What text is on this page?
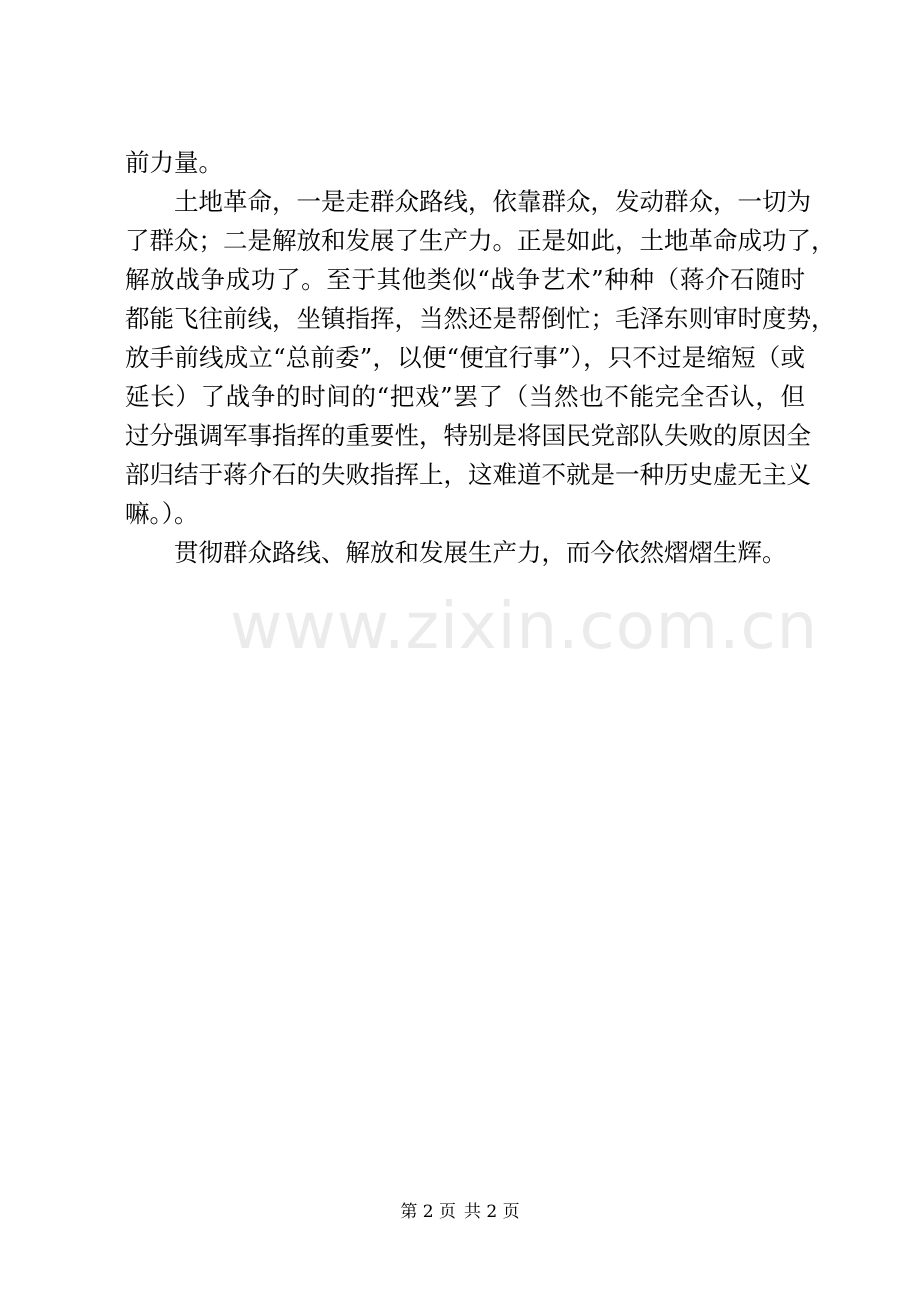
前力量。
土地革命，一是走群众路线，依靠群众，发动群众，一切为
了群众；二是解放和发展了生产力。正是如此，土地革命成功了，
解放战争成功了。至于其他类似“战争艺术”种种（蒋介石随时
都能飞往前线，坐镇指挥，当然还是帮倒忙；毛泽东则审时度势，
放手前线成立“总前委”，以便“便宜行事”），只不过是缩短（或
延长）了战争的时间的“把戏”罢了（当然也不能完全否认，但
过分强调军事指挥的重要性，特别是将国民党部队失败的原因全
部归结于蒋介石的失败指挥上，这难道不就是一种历史虚无主义
嘛。）。
贯彻群众路线、解放和发展生产力，而今依然熠熠生辉。
www.zixin.com.cn
第 2 页 共 2 页
